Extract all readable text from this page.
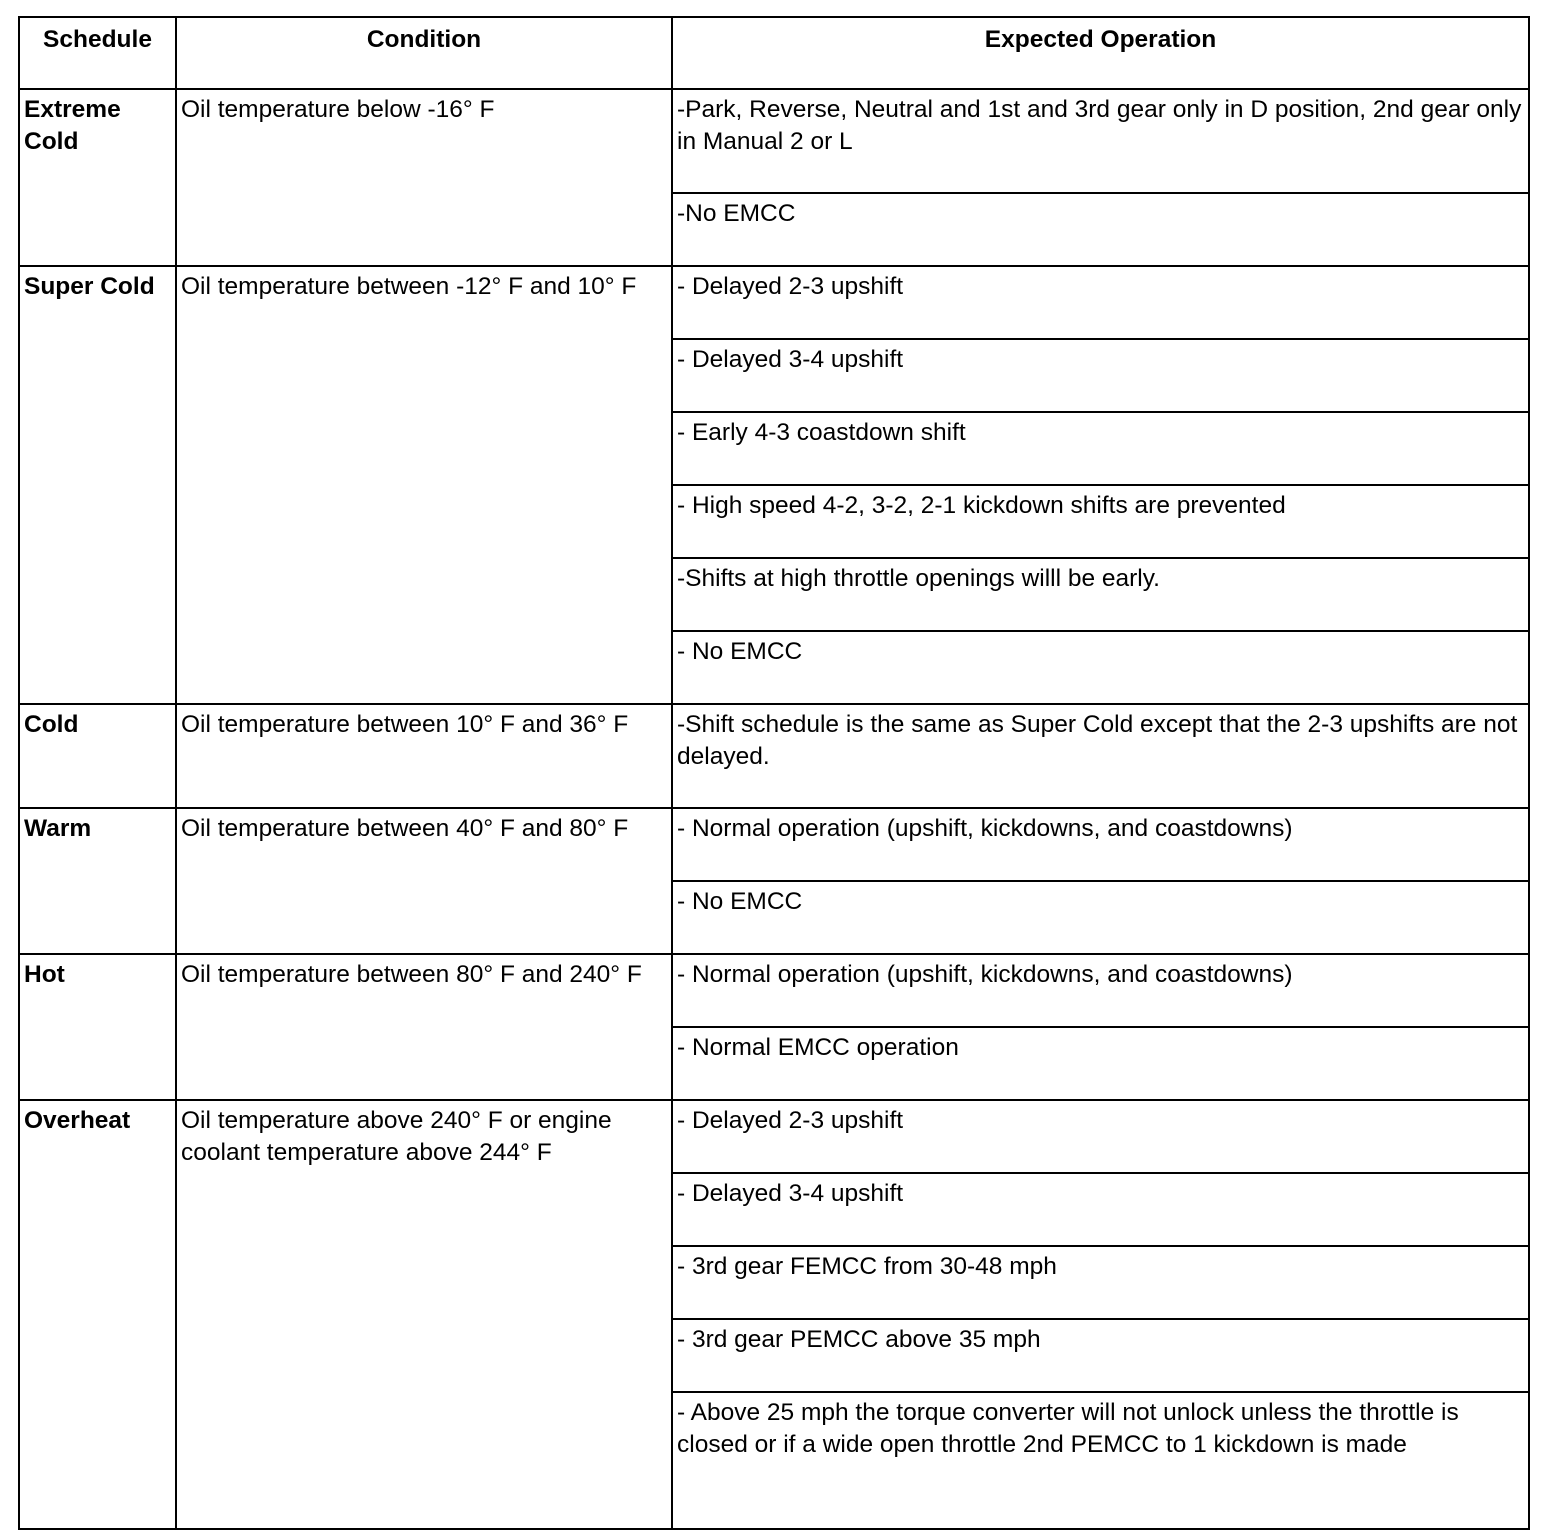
Schedule	Condition	Expected Operation
Extreme Cold	Oil temperature below -16° F	-Park, Reverse, Neutral and 1st and 3rd gear only in D position, 2nd gear only in Manual 2 or L
		-No EMCC
Super Cold	Oil temperature between -12° F and 10° F	- Delayed 2-3 upshift
		- Delayed 3-4 upshift
		- Early 4-3 coastdown shift
		- High speed 4-2, 3-2, 2-1 kickdown shifts are prevented
		-Shifts at high throttle openings willl be early.
		- No EMCC
Cold	Oil temperature between 10° F and 36° F	-Shift schedule is the same as Super Cold except that the 2-3 upshifts are not delayed.
Warm	Oil temperature between 40° F and 80° F	- Normal operation (upshift, kickdowns, and coastdowns)
		- No EMCC
Hot	Oil temperature between 80° F and 240° F	- Normal operation (upshift, kickdowns, and coastdowns)
		- Normal EMCC operation
Overheat	Oil temperature above 240° F or engine coolant temperature above 244° F	- Delayed 2-3 upshift
		- Delayed 3-4 upshift
		- 3rd gear FEMCC from 30-48 mph
		- 3rd gear PEMCC above 35 mph
		- Above 25 mph the torque converter will not unlock unless the throttle is closed or if a wide open throttle 2nd PEMCC to 1 kickdown is made
